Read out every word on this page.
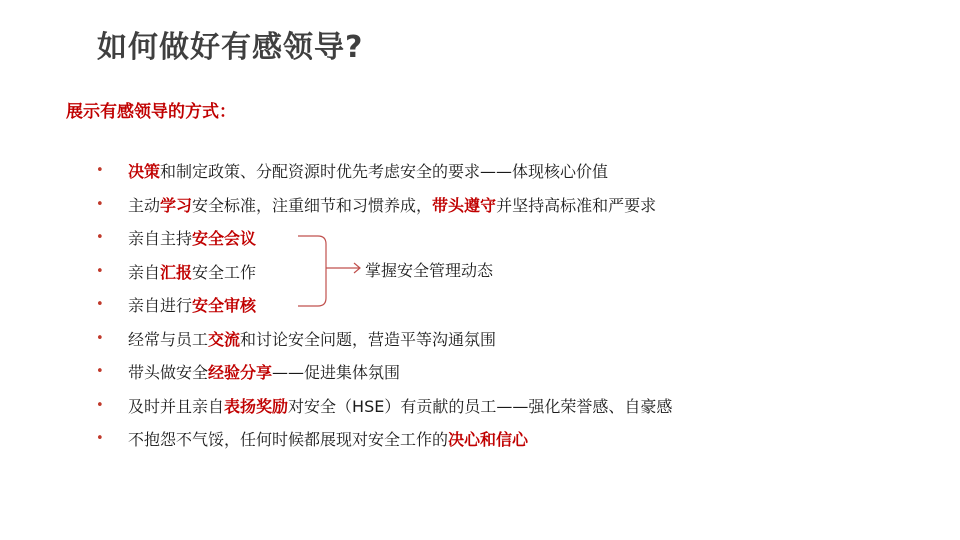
如何做好有感领导?
展示有感领导的方式：
•	决策和制定政策、分配资源时优先考虑安全的要求——体现核心价值
•	主动学习安全标准，注重细节和习惯养成，带头遵守并坚持高标准和严要求
•	亲自主持安全会议
•	亲自汇报安全工作
•	亲自进行安全审核
•	经常与员工交流和讨论安全问题，营造平等沟通氛围
•	带头做安全经验分享——促进集体氛围
•	及时并且亲自表扬奖励对安全（HSE）有贡献的员工——强化荣誉感、自豪感
•	不抱怨不气馁，任何时候都展现对安全工作的决心和信心
掌握安全管理动态
